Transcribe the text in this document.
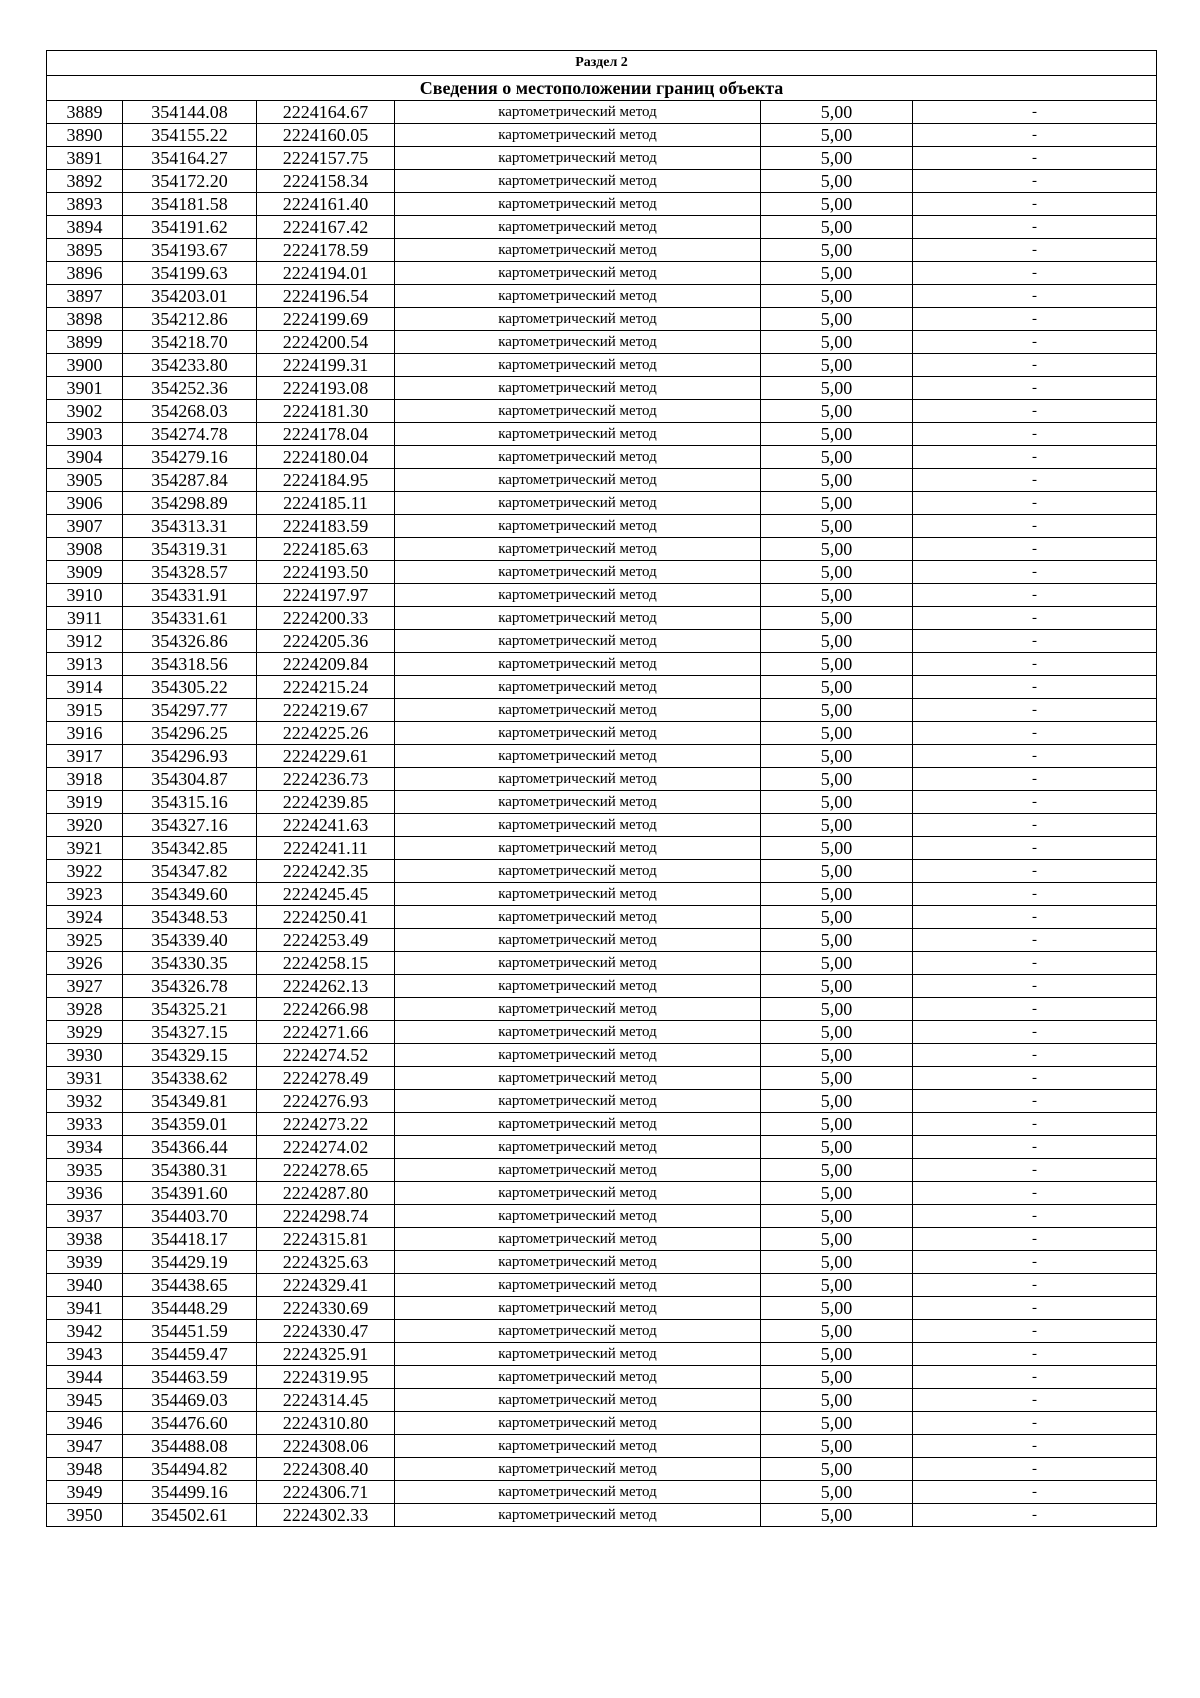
Раздел 2					
Сведения о местоположении границ объекта					
3889	354144.08	2224164.67	картометрический метод	5,00	-
3890	354155.22	2224160.05	картометрический метод	5,00	-
3891	354164.27	2224157.75	картометрический метод	5,00	-
3892	354172.20	2224158.34	картометрический метод	5,00	-
3893	354181.58	2224161.40	картометрический метод	5,00	-
3894	354191.62	2224167.42	картометрический метод	5,00	-
3895	354193.67	2224178.59	картометрический метод	5,00	-
3896	354199.63	2224194.01	картометрический метод	5,00	-
3897	354203.01	2224196.54	картометрический метод	5,00	-
3898	354212.86	2224199.69	картометрический метод	5,00	-
3899	354218.70	2224200.54	картометрический метод	5,00	-
3900	354233.80	2224199.31	картометрический метод	5,00	-
3901	354252.36	2224193.08	картометрический метод	5,00	-
3902	354268.03	2224181.30	картометрический метод	5,00	-
3903	354274.78	2224178.04	картометрический метод	5,00	-
3904	354279.16	2224180.04	картометрический метод	5,00	-
3905	354287.84	2224184.95	картометрический метод	5,00	-
3906	354298.89	2224185.11	картометрический метод	5,00	-
3907	354313.31	2224183.59	картометрический метод	5,00	-
3908	354319.31	2224185.63	картометрический метод	5,00	-
3909	354328.57	2224193.50	картометрический метод	5,00	-
3910	354331.91	2224197.97	картометрический метод	5,00	-
3911	354331.61	2224200.33	картометрический метод	5,00	-
3912	354326.86	2224205.36	картометрический метод	5,00	-
3913	354318.56	2224209.84	картометрический метод	5,00	-
3914	354305.22	2224215.24	картометрический метод	5,00	-
3915	354297.77	2224219.67	картометрический метод	5,00	-
3916	354296.25	2224225.26	картометрический метод	5,00	-
3917	354296.93	2224229.61	картометрический метод	5,00	-
3918	354304.87	2224236.73	картометрический метод	5,00	-
3919	354315.16	2224239.85	картометрический метод	5,00	-
3920	354327.16	2224241.63	картометрический метод	5,00	-
3921	354342.85	2224241.11	картометрический метод	5,00	-
3922	354347.82	2224242.35	картометрический метод	5,00	-
3923	354349.60	2224245.45	картометрический метод	5,00	-
3924	354348.53	2224250.41	картометрический метод	5,00	-
3925	354339.40	2224253.49	картометрический метод	5,00	-
3926	354330.35	2224258.15	картометрический метод	5,00	-
3927	354326.78	2224262.13	картометрический метод	5,00	-
3928	354325.21	2224266.98	картометрический метод	5,00	-
3929	354327.15	2224271.66	картометрический метод	5,00	-
3930	354329.15	2224274.52	картометрический метод	5,00	-
3931	354338.62	2224278.49	картометрический метод	5,00	-
3932	354349.81	2224276.93	картометрический метод	5,00	-
3933	354359.01	2224273.22	картометрический метод	5,00	-
3934	354366.44	2224274.02	картометрический метод	5,00	-
3935	354380.31	2224278.65	картометрический метод	5,00	-
3936	354391.60	2224287.80	картометрический метод	5,00	-
3937	354403.70	2224298.74	картометрический метод	5,00	-
3938	354418.17	2224315.81	картометрический метод	5,00	-
3939	354429.19	2224325.63	картометрический метод	5,00	-
3940	354438.65	2224329.41	картометрический метод	5,00	-
3941	354448.29	2224330.69	картометрический метод	5,00	-
3942	354451.59	2224330.47	картометрический метод	5,00	-
3943	354459.47	2224325.91	картометрический метод	5,00	-
3944	354463.59	2224319.95	картометрический метод	5,00	-
3945	354469.03	2224314.45	картометрический метод	5,00	-
3946	354476.60	2224310.80	картометрический метод	5,00	-
3947	354488.08	2224308.06	картометрический метод	5,00	-
3948	354494.82	2224308.40	картометрический метод	5,00	-
3949	354499.16	2224306.71	картометрический метод	5,00	-
3950	354502.61	2224302.33	картометрический метод	5,00	-
